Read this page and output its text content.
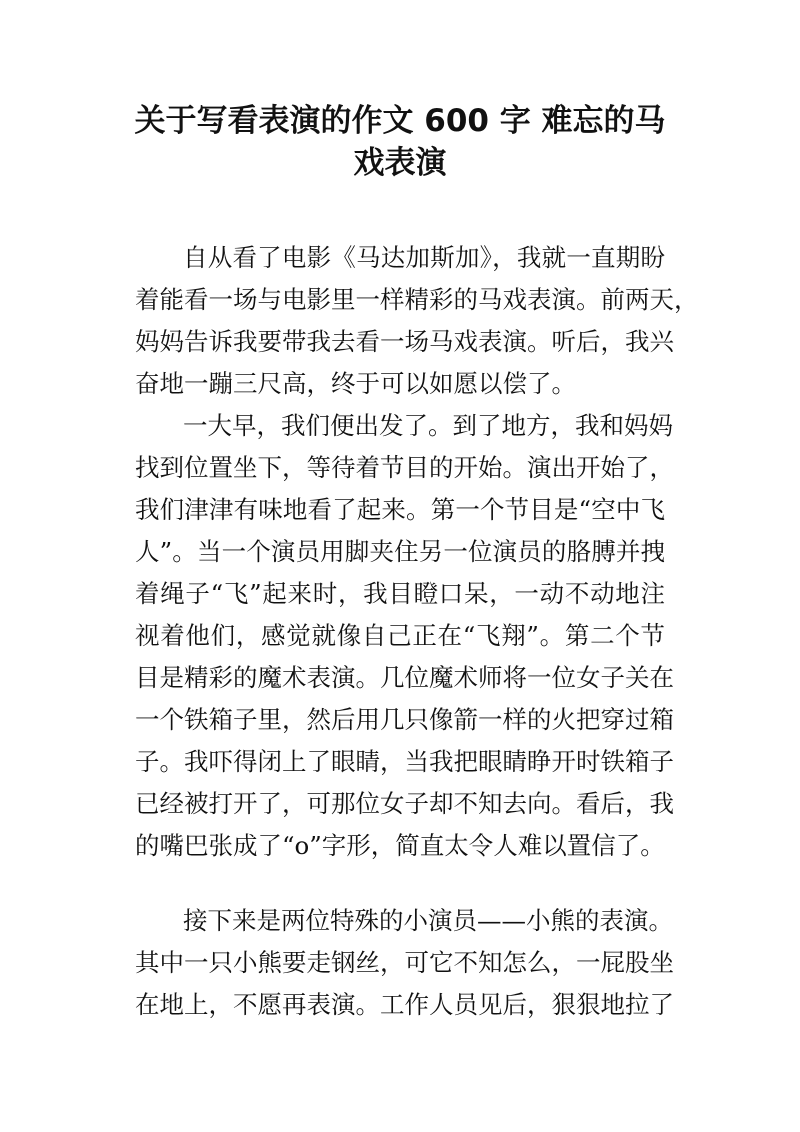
关于写看表演的作文 600 字 难忘的马
戏表演

自从看了电影《马达加斯加》，我就一直期盼

着能看一场与电影里一样精彩的马戏表演。前两天，

妈妈告诉我要带我去看一场马戏表演。听后，我兴

奋地一蹦三尺高，终于可以如愿以偿了。

一大早，我们便出发了。到了地方，我和妈妈

找到位置坐下，等待着节目的开始。演出开始了，

我们津津有味地看了起来。第一个节目是“空中飞

人”。当一个演员用脚夹住另一位演员的胳膊并拽

着绳子“飞”起来时，我目瞪口呆，一动不动地注

视着他们，感觉就像自己正在“飞翔”。第二个节

目是精彩的魔术表演。几位魔术师将一位女子关在

一个铁箱子里，然后用几只像箭一样的火把穿过箱

子。我吓得闭上了眼睛，当我把眼睛睁开时铁箱子

已经被打开了，可那位女子却不知去向。看后，我

的嘴巴张成了“o”字形，简直太令人难以置信了。

接下来是两位特殊的小演员——小熊的表演。

其中一只小熊要走钢丝，可它不知怎么，一屁股坐

在地上，不愿再表演。工作人员见后，狠狠地拉了
